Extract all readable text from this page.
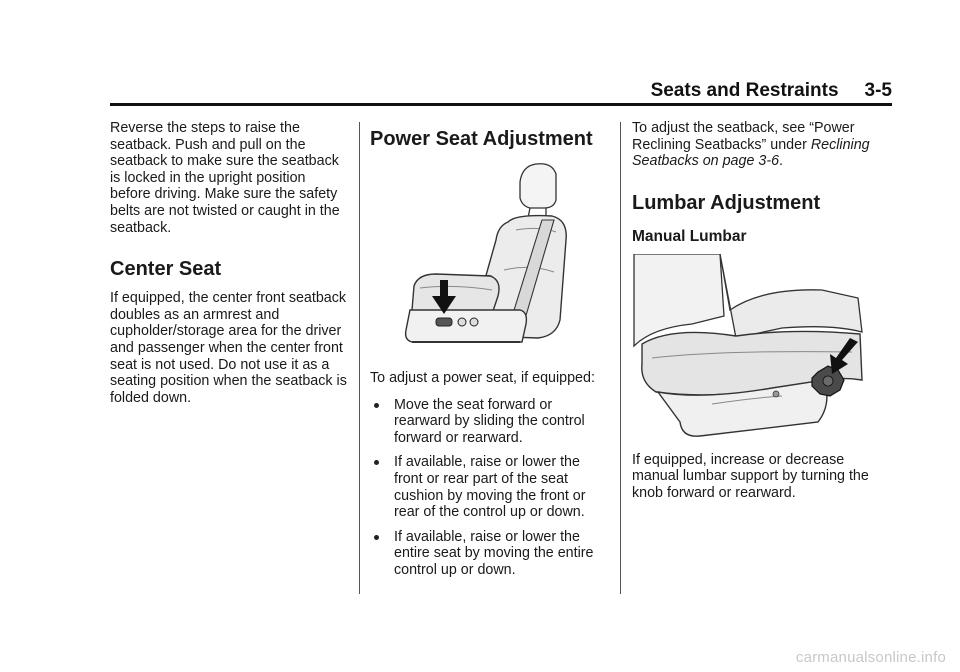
Seats and Restraints 3-5

Reverse the steps to raise the seatback. Push and pull on the seatback to make sure the seatback is locked in the upright position before driving. Make sure the safety belts are not twisted or caught in the seatback.

Center Seat

If equipped, the center front seatback doubles as an armrest and cupholder/storage area for the driver and passenger when the center front seat is not used. Do not use it as a seating position when the seatback is folded down.

Power Seat Adjustment

To adjust a power seat, if equipped:

Move the seat forward or rearward by sliding the control forward or rearward.
If available, raise or lower the front or rear part of the seat cushion by moving the front or rear of the control up or down.
If available, raise or lower the entire seat by moving the entire control up or down.

To adjust the seatback, see “Power Reclining Seatbacks” under Reclining Seatbacks on page 3-6.

Lumbar Adjustment
Manual Lumbar

If equipped, increase or decrease manual lumbar support by turning the knob forward or rearward.

carmanualsonline.info
